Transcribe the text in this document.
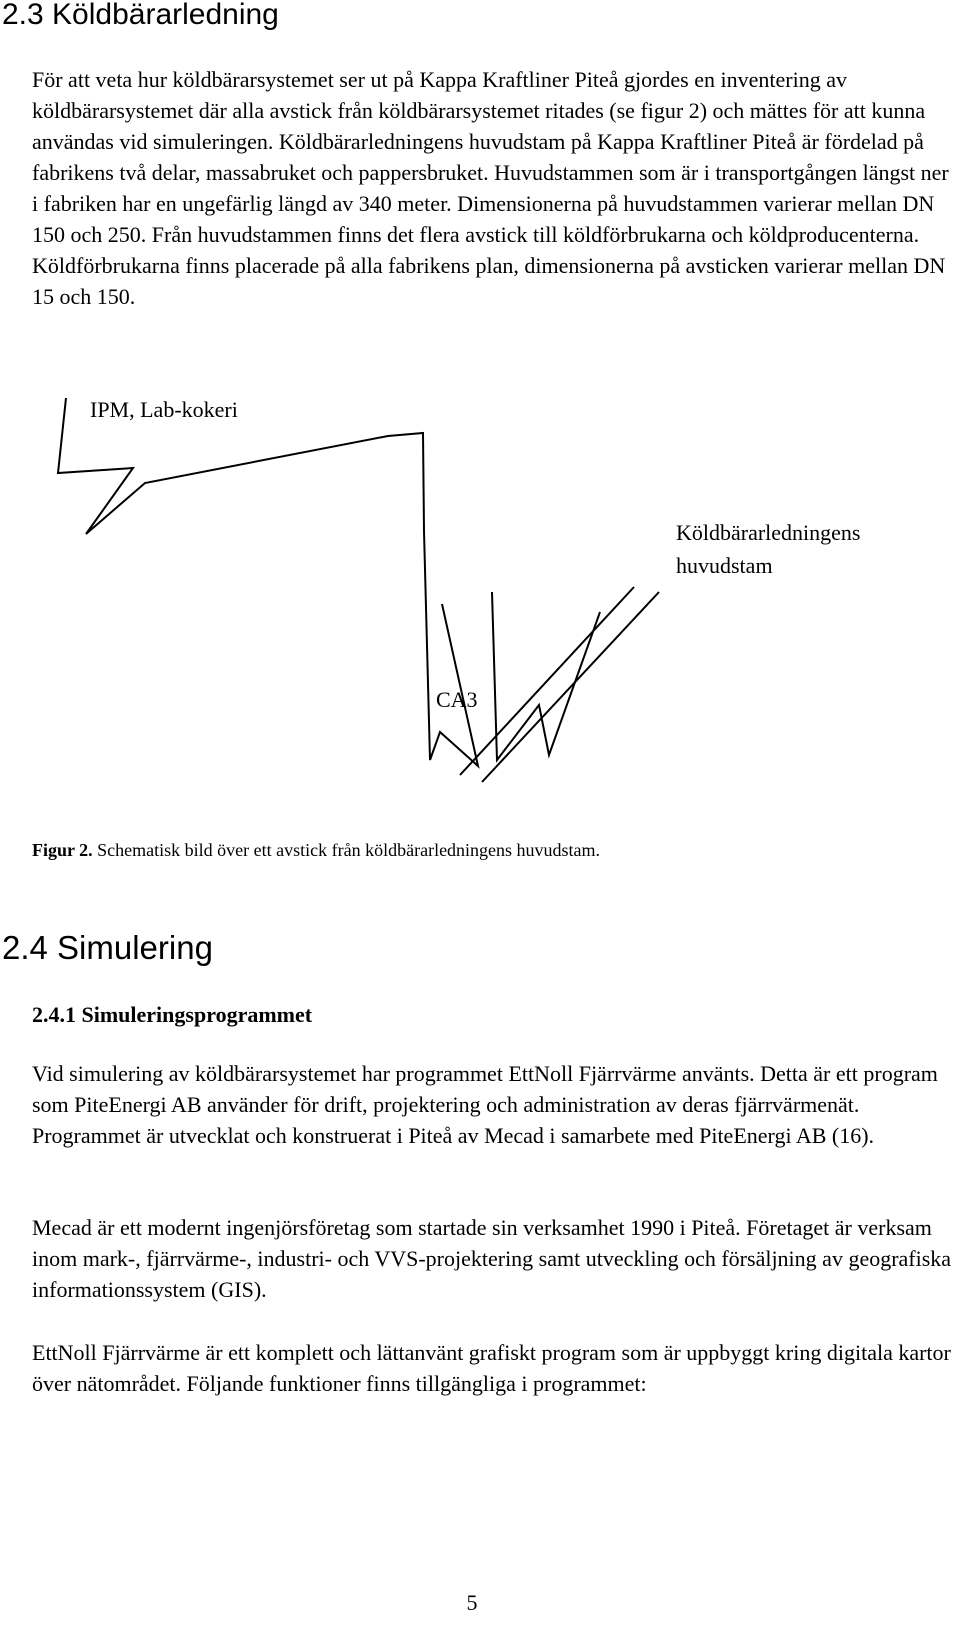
2.3 Köldbärarledning

För att veta hur köldbärarsystemet ser ut på Kappa Kraftliner Piteå gjordes en inventering av köldbärarsystemet där alla avstick från köldbärarsystemet ritades (se figur 2) och mättes för att kunna användas vid simuleringen. Köldbärarledningens huvudstam på Kappa Kraftliner Piteå är fördelad på fabrikens två delar, massabruket och pappersbruket. Huvudstammen som är i transportgången längst ner i fabriken har en ungefärlig längd av 340 meter. Dimensionerna på huvudstammen varierar mellan DN 150 och 250. Från huvudstammen finns det flera avstick till köldförbrukarna och köldproducenterna. Köldförbrukarna finns placerade på alla fabrikens plan, dimensionerna på avsticken varierar mellan DN 15 och 150.

IPM, Lab-kokeri
Köldbärarledningens
huvudstam
CA3

Figur 2. Schematisk bild över ett avstick från köldbärarledningens huvudstam.

2.4 Simulering
2.4.1 Simuleringsprogrammet

Vid simulering av köldbärarsystemet har programmet EttNoll Fjärrvärme använts. Detta är ett program som PiteEnergi AB använder för drift, projektering och administration av deras fjärrvärmenät. Programmet är utvecklat och konstruerat i Piteå av Mecad i samarbete med PiteEnergi AB (16).

Mecad är ett modernt ingenjörsföretag som startade sin verksamhet 1990 i Piteå. Företaget är verksam inom mark-, fjärrvärme-, industri- och VVS-projektering samt utveckling och försäljning av geografiska informationssystem (GIS).

EttNoll Fjärrvärme är ett komplett och lättanvänt grafiskt program som är uppbyggt kring digitala kartor över nätområdet. Följande funktioner finns tillgängliga i programmet:

5
